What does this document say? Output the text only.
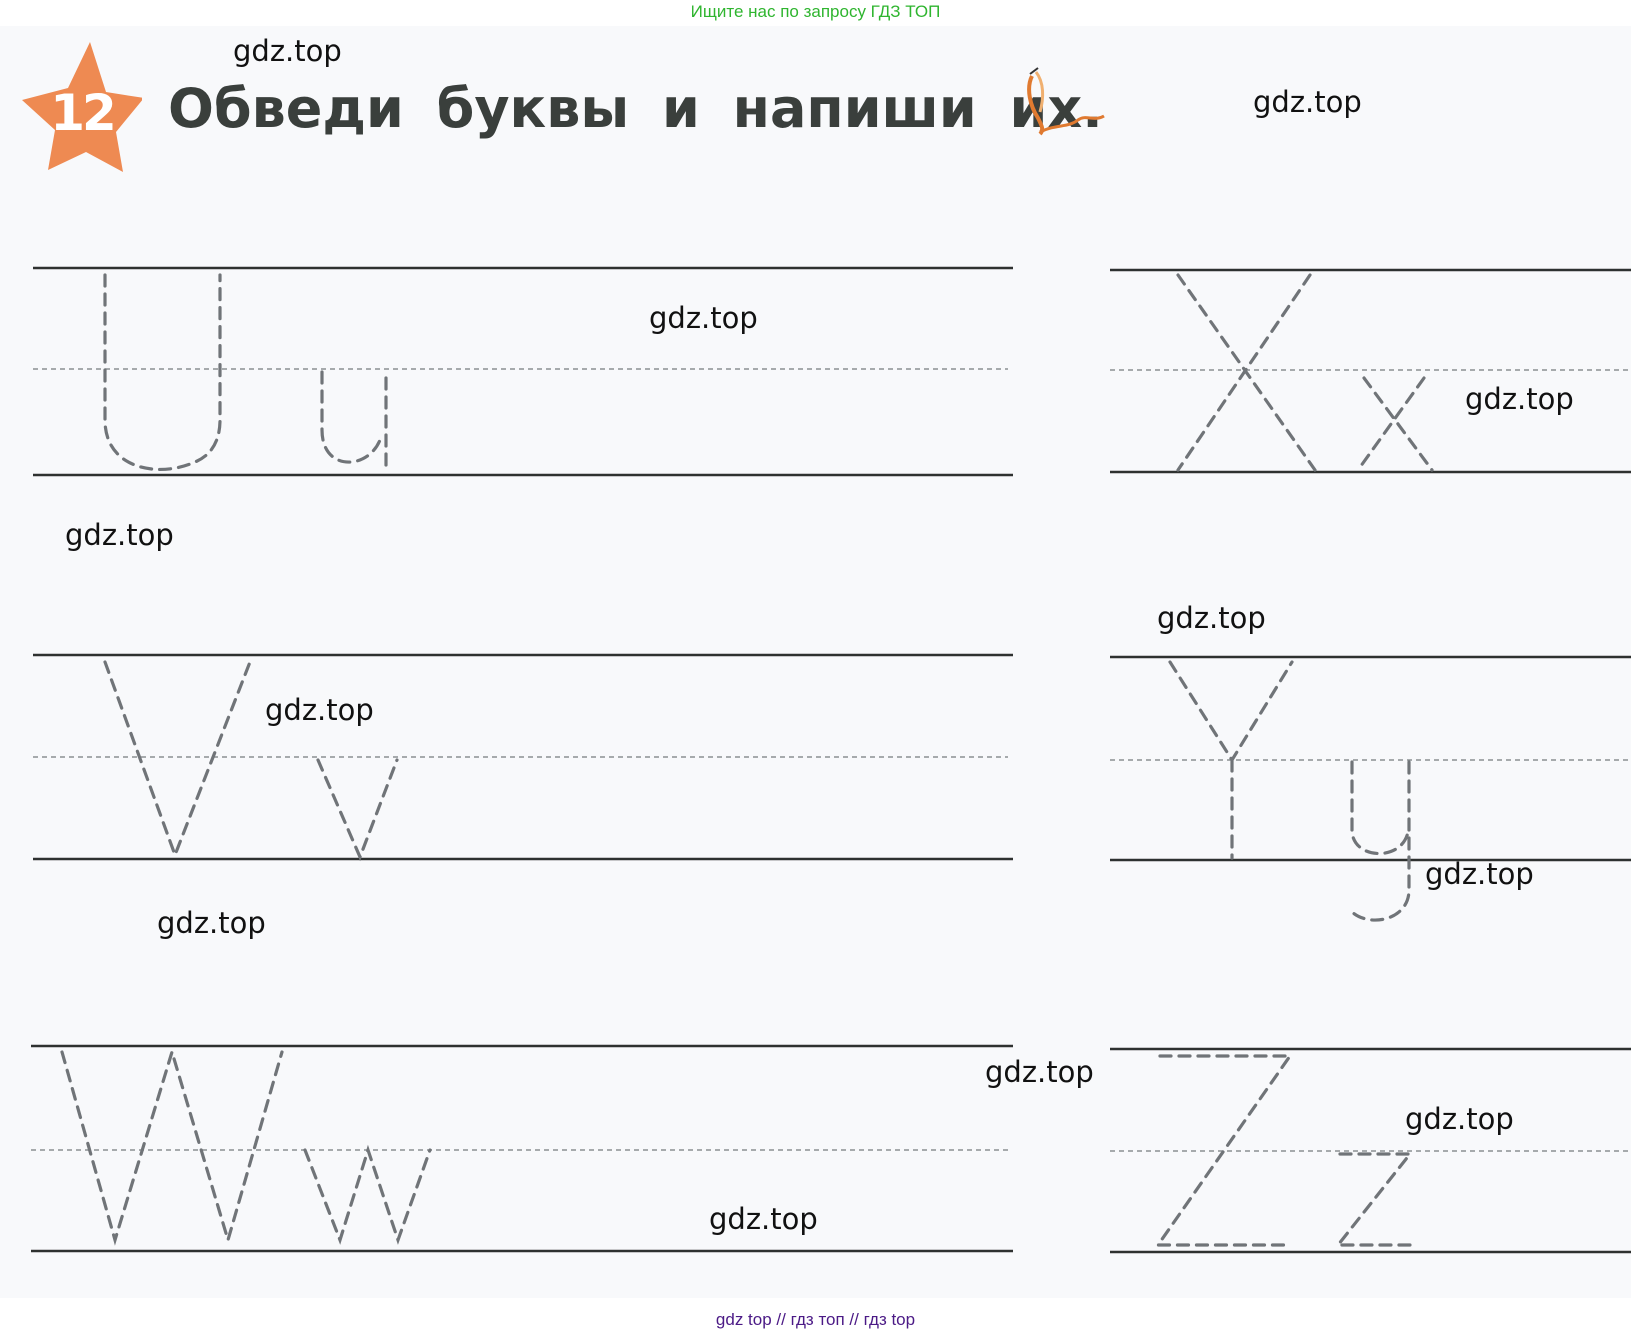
Ищите нас по запросу ГДЗ ТОП
12 Обведи буквы и напиши их.
gdz.top
gdz.top
gdz.top
gdz.top
gdz.top
gdz.top
gdz.top
gdz.top
gdz.top
gdz.top
gdz.top
gdz.top
gdz top // гдз топ // гдз top
